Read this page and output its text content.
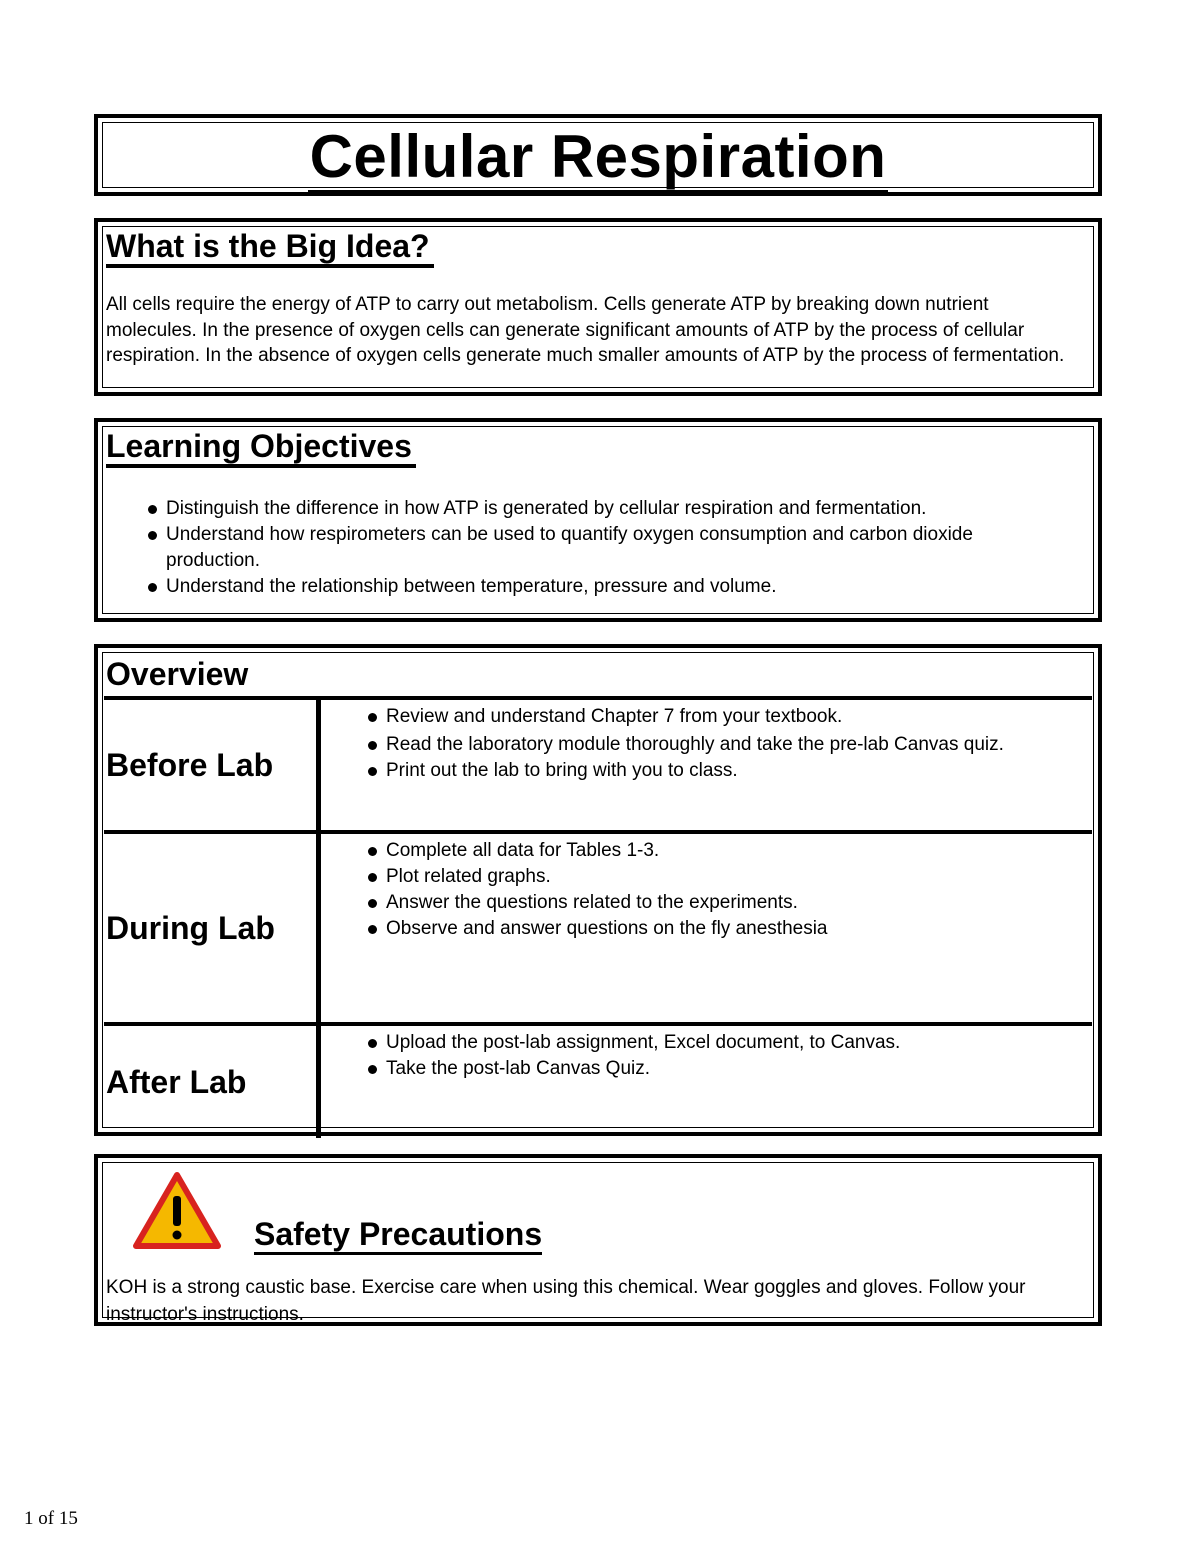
Cellular Respiration
What is the Big Idea?

All cells require the energy of ATP to carry out metabolism. Cells generate ATP by breaking down nutrient molecules. In the presence of oxygen cells can generate significant amounts of ATP by the process of cellular respiration. In the absence of oxygen cells generate much smaller amounts of ATP by the process of fermentation.

Learning Objectives
Distinguish the difference in how ATP is generated by cellular respiration and fermentation.
Understand how respirometers can be used to quantify oxygen consumption and carbon dioxide production.
Understand the relationship between temperature, pressure and volume.
Overview
Before Lab
Review and understand Chapter 7 from your textbook.
Read the laboratory module thoroughly and take the pre-lab Canvas quiz.
Print out the lab to bring with you to class.
During Lab
Complete all data for Tables 1-3.
Plot related graphs.
Answer the questions related to the experiments.
Observe and answer questions on the fly anesthesia
After Lab
Upload the post-lab assignment, Excel document, to Canvas.
Take the post-lab Canvas Quiz.
Safety Precautions

KOH is a strong caustic base. Exercise care when using this chemical. Wear goggles and gloves. Follow your instructor's instructions.

1 of 15
